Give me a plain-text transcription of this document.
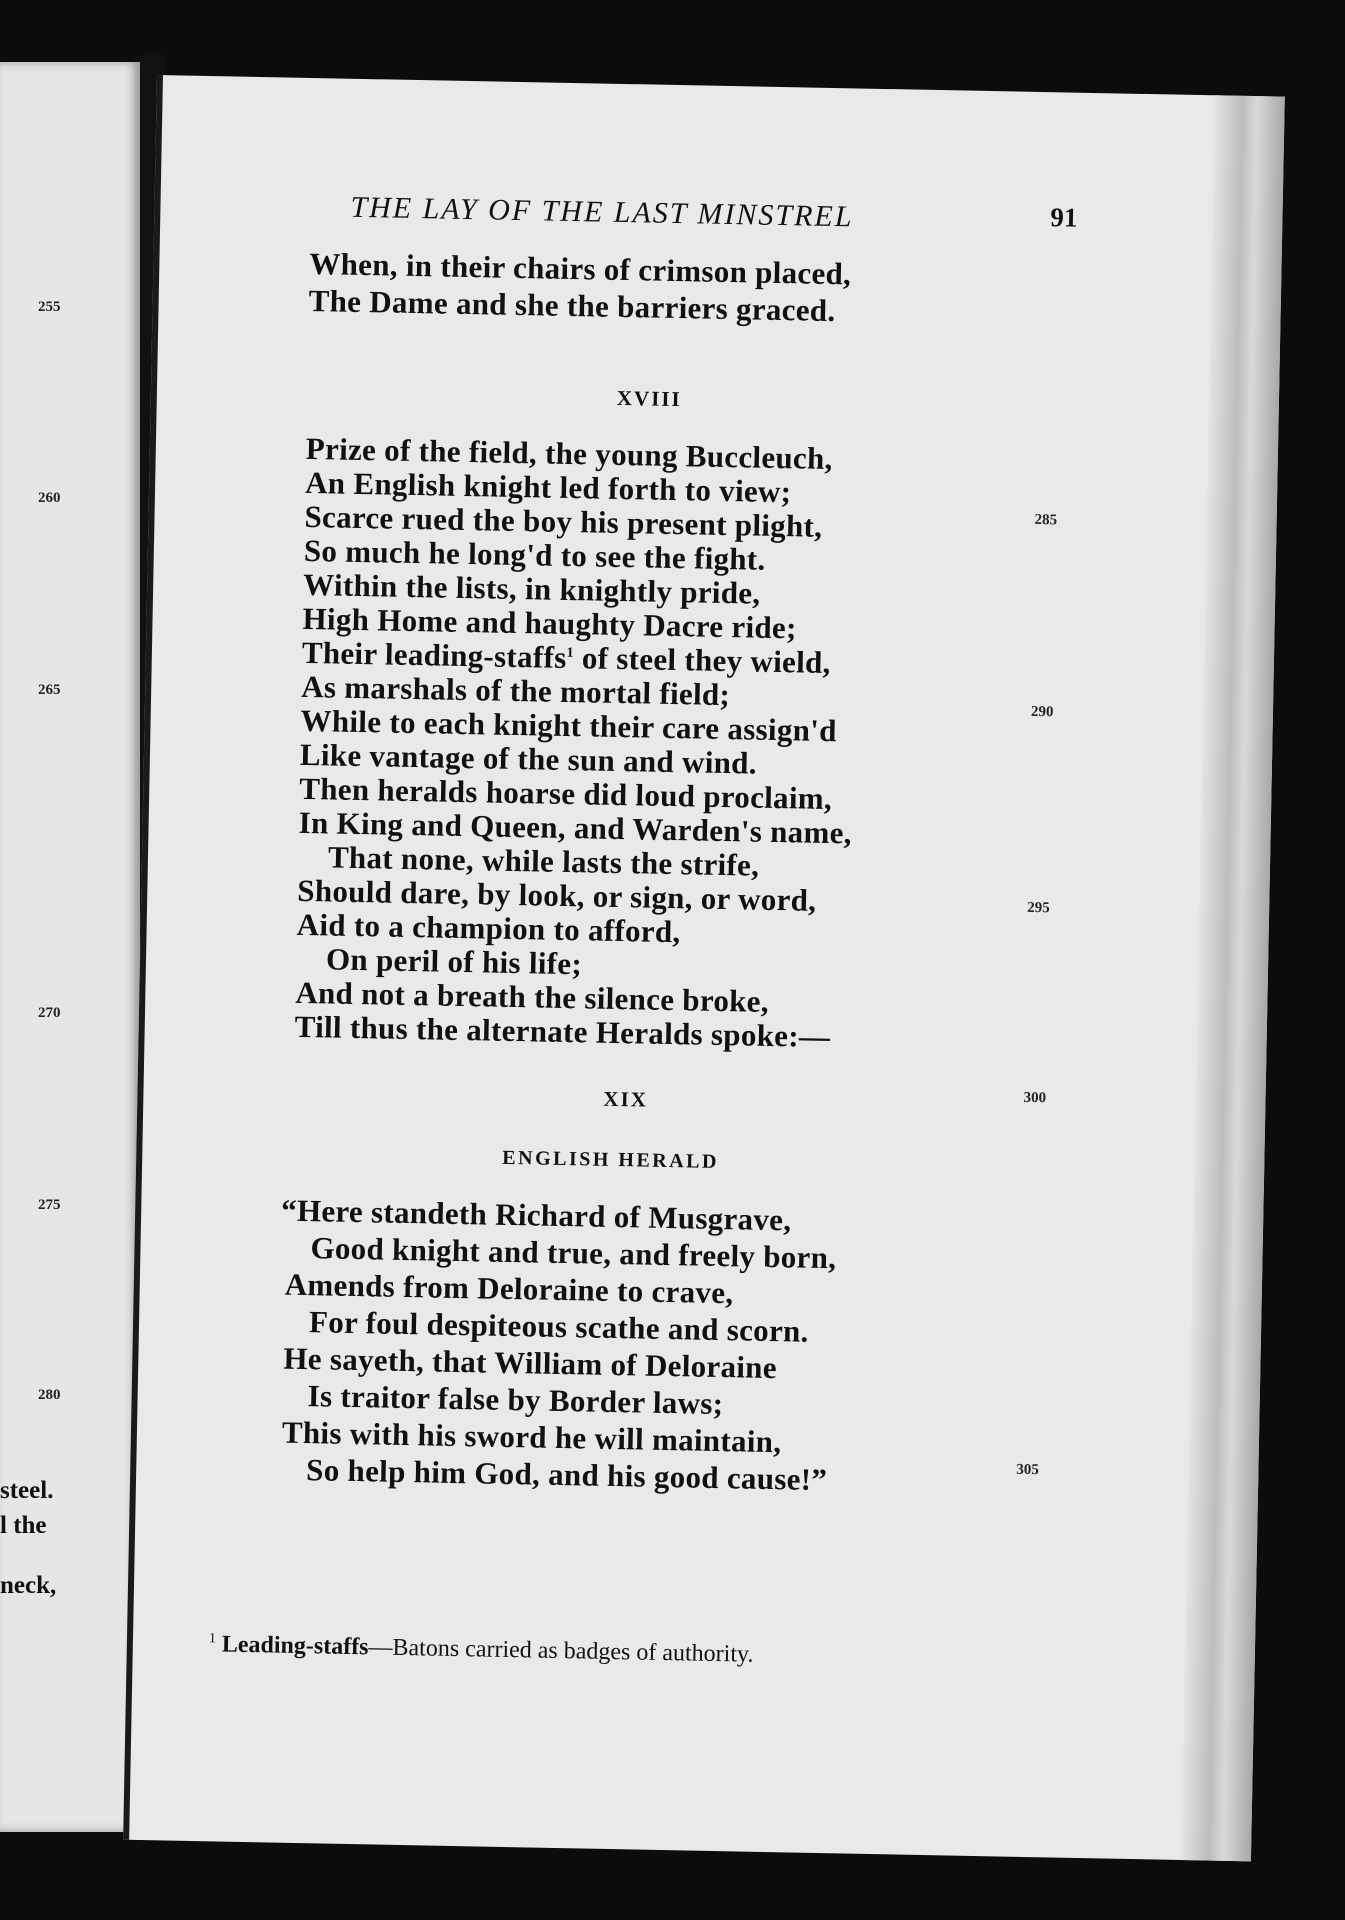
255
260
265
270
275
280
steel.
l the
neck,
THE LAY OF THE LAST MINSTREL	91
When, in their chairs of crimson placed,
The Dame and she the barriers graced.
XVIII
Prize of the field, the young Buccleuch,
An English knight led forth to view;
Scarce rued the boy his present plight,
So much he long'd to see the fight.
Within the lists, in knightly pride,
High Home and haughty Dacre ride;
Their leading-staffs$^1$ of steel they wield,
As marshals of the mortal field;
While to each knight their care assign'd
Like vantage of the sun and wind.
Then heralds hoarse did loud proclaim,
In King and Queen, and Warden's name,
That none, while lasts the strife,
Should dare, by look, or sign, or word,
Aid to a champion to afford,
On peril of his life;
And not a breath the silence broke,
Till thus the alternate Heralds spoke:—
XIX
ENGLISH HERALD
“Here standeth Richard of Musgrave,
Good knight and true, and freely born,
Amends from Deloraine to crave,
For foul despiteous scathe and scorn.
He sayeth, that William of Deloraine
Is traitor false by Border laws;
This with his sword he will maintain,
So help him God, and his good cause!”
285
290
295
300
305
$^1$ Leading-staffs—Batons carried as badges of authority.
